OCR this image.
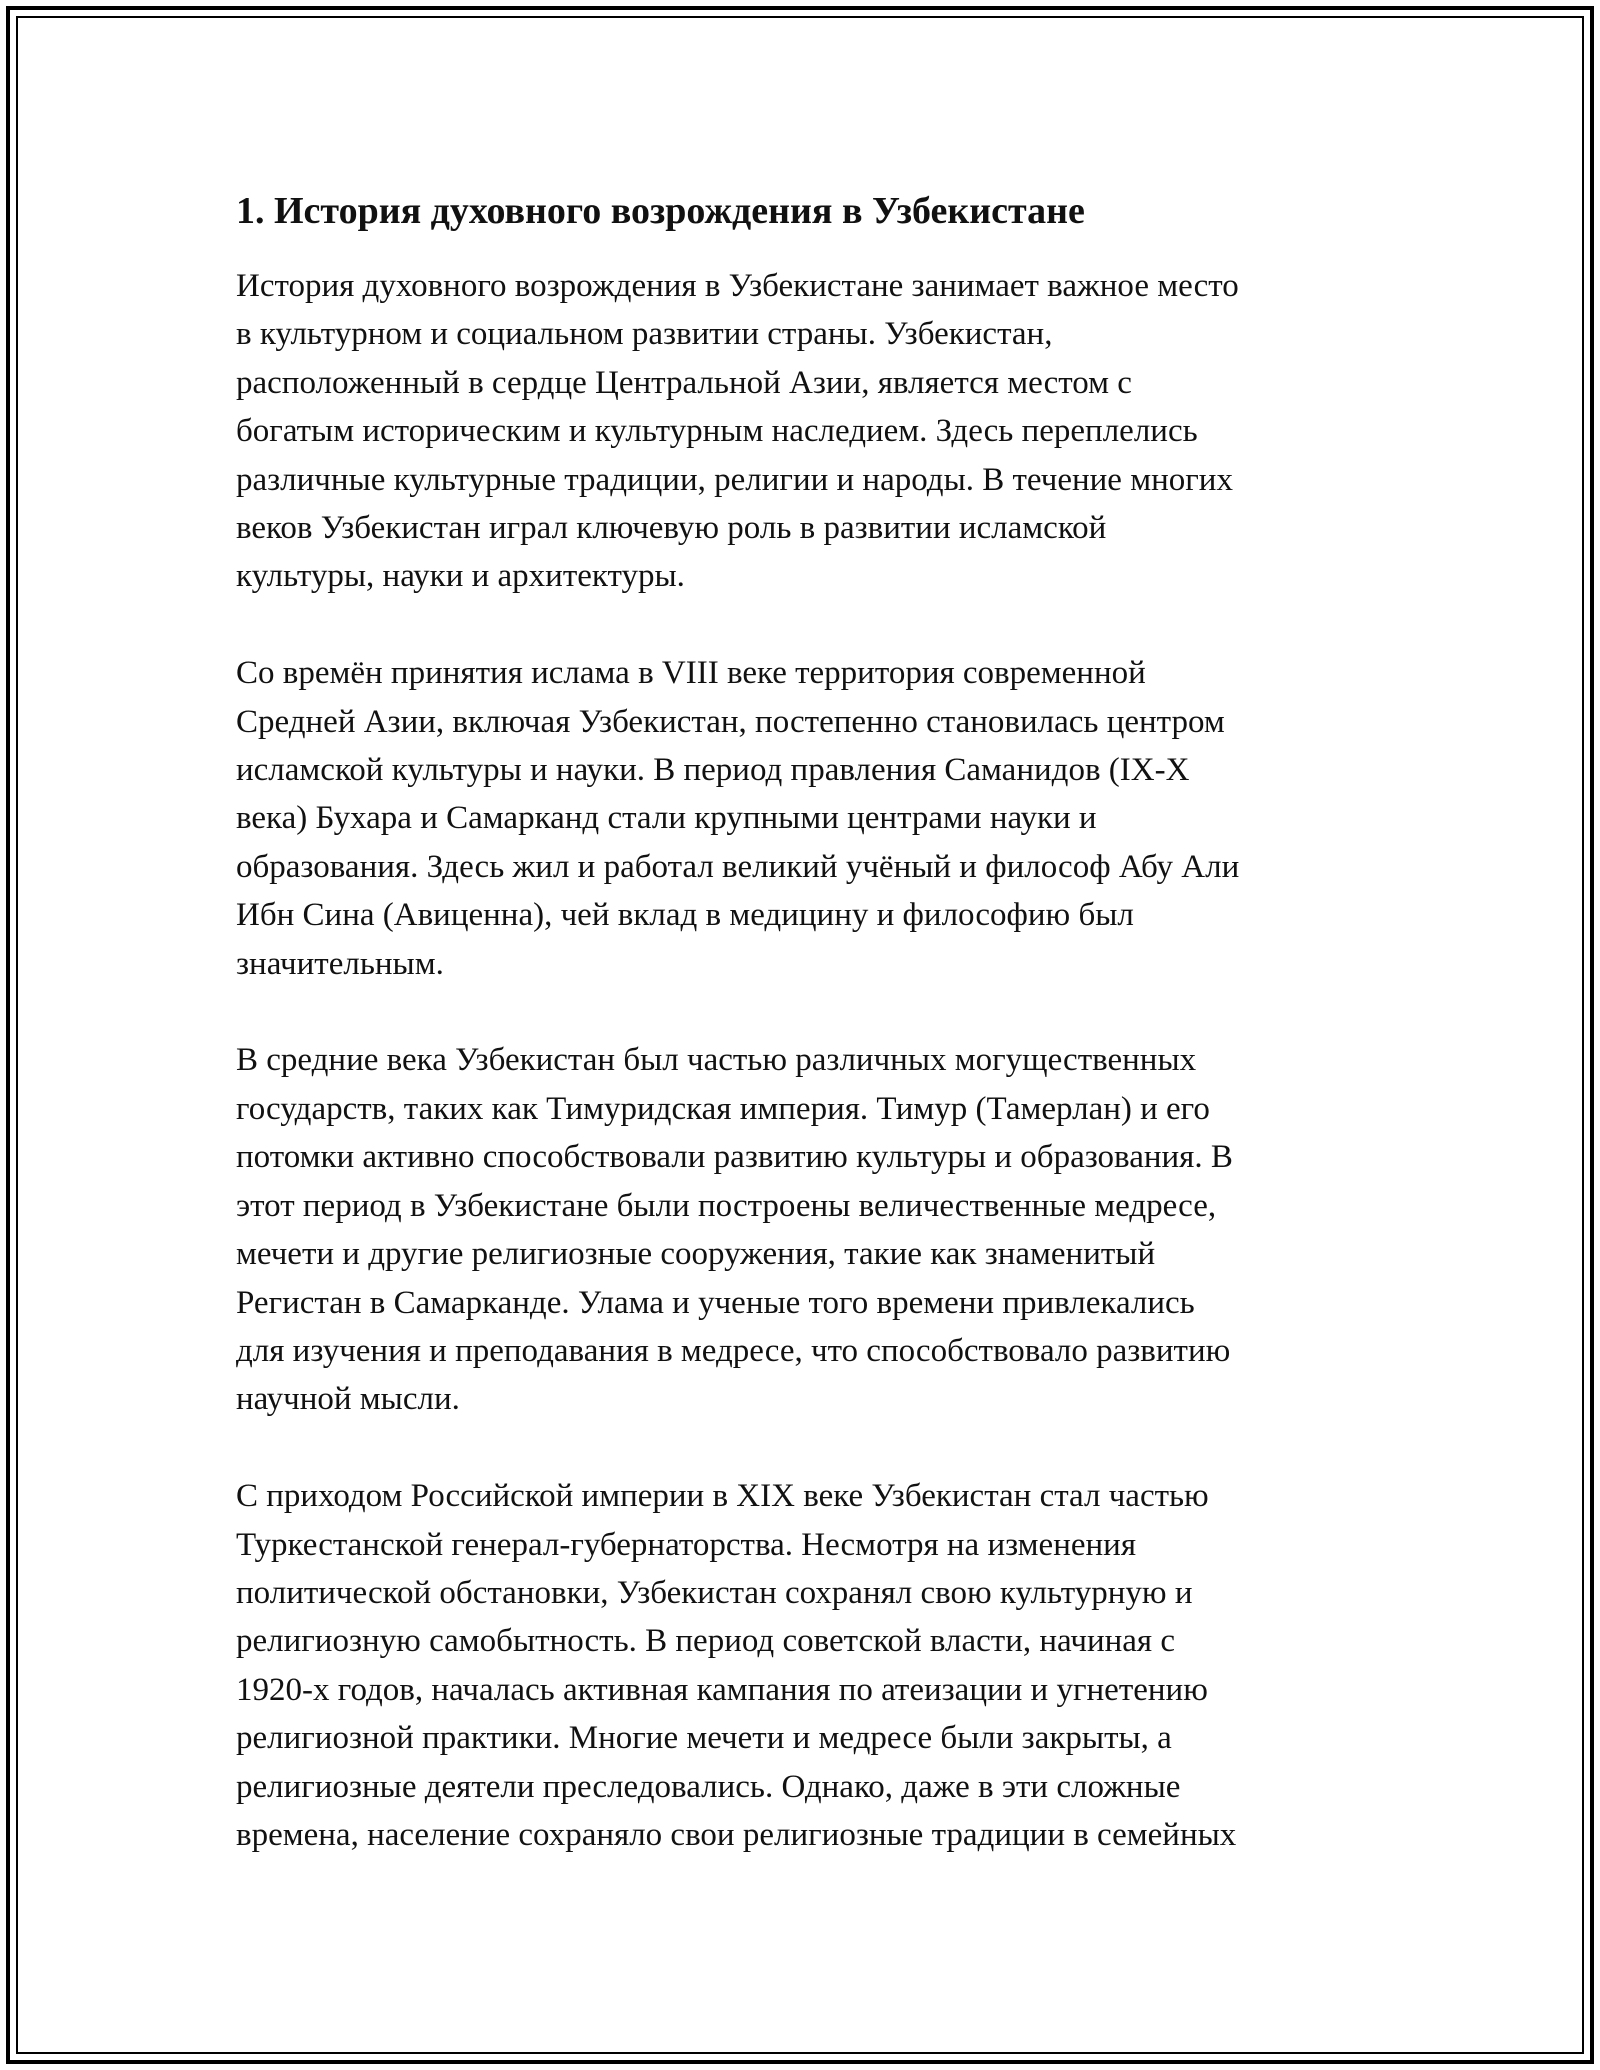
1. История духовного возрождения в Узбекистане

История духовного возрождения в Узбекистане занимает важное место
в культурном и социальном развитии страны. Узбекистан,
расположенный в сердце Центральной Азии, является местом с
богатым историческим и культурным наследием. Здесь переплелись
различные культурные традиции, религии и народы. В течение многих
веков Узбекистан играл ключевую роль в развитии исламской
культуры, науки и архитектуры.

Со времён принятия ислама в VIII веке территория современной
Средней Азии, включая Узбекистан, постепенно становилась центром
исламской культуры и науки. В период правления Саманидов (IX-X
века) Бухара и Самарканд стали крупными центрами науки и
образования. Здесь жил и работал великий учёный и философ Абу Али
Ибн Сина (Авиценна), чей вклад в медицину и философию был
значительным.

В средние века Узбекистан был частью различных могущественных
государств, таких как Тимуридская империя. Тимур (Тамерлан) и его
потомки активно способствовали развитию культуры и образования. В
этот период в Узбекистане были построены величественные медресе,
мечети и другие религиозные сооружения, такие как знаменитый
Регистан в Самарканде. Улама и ученые того времени привлекались
для изучения и преподавания в медресе, что способствовало развитию
научной мысли.

С приходом Российской империи в XIX веке Узбекистан стал частью
Туркестанской генерал-губернаторства. Несмотря на изменения
политической обстановки, Узбекистан сохранял свою культурную и
религиозную самобытность. В период советской власти, начиная с
1920-х годов, началась активная кампания по атеизации и угнетению
религиозной практики. Многие мечети и медресе были закрыты, а
религиозные деятели преследовались. Однако, даже в эти сложные
времена, население сохраняло свои религиозные традиции в семейных
